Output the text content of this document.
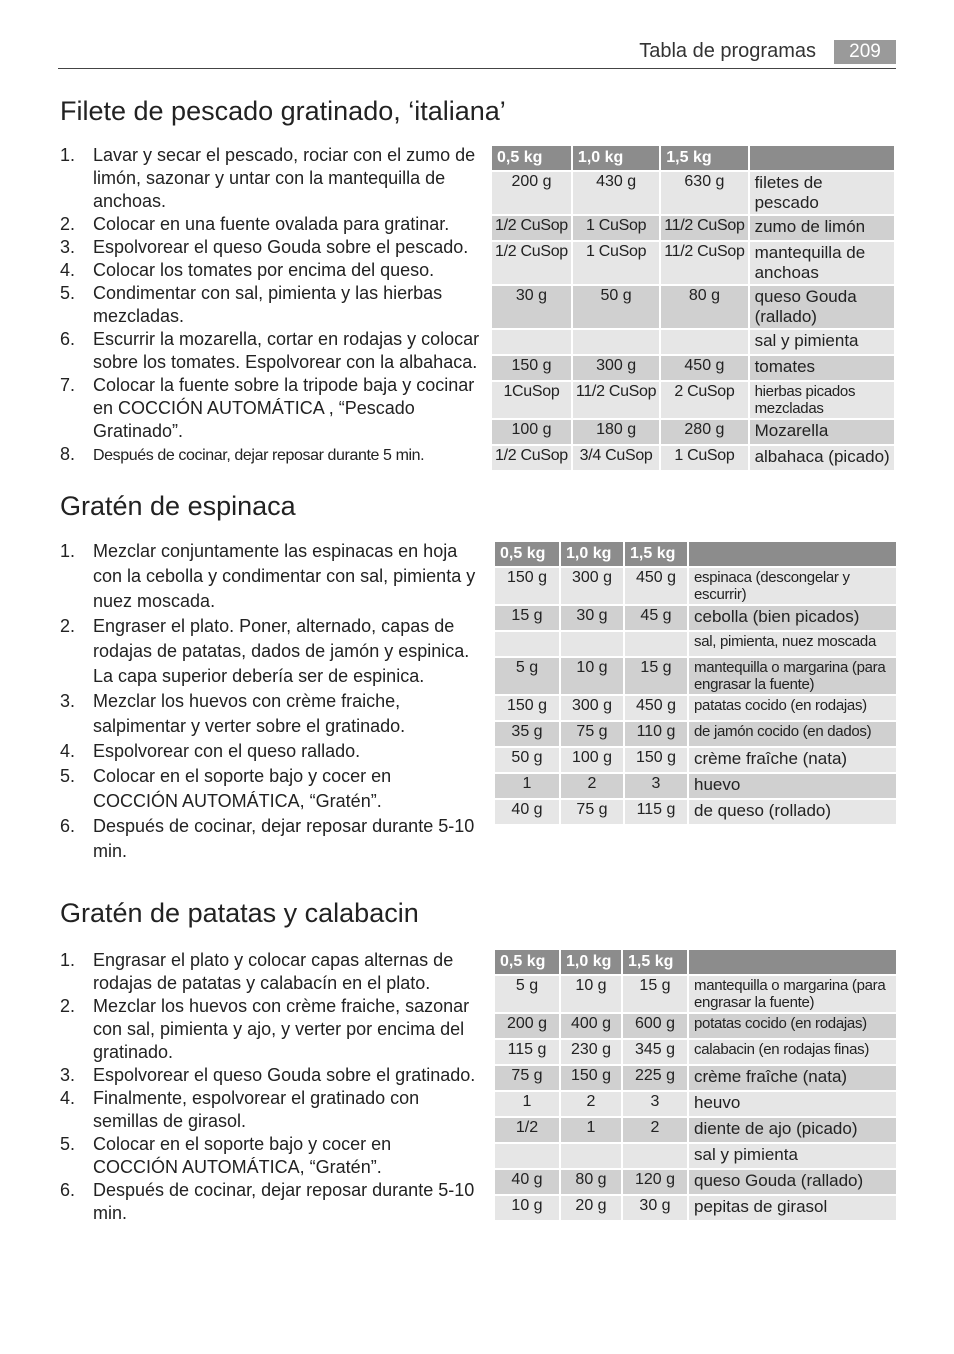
Tabla de programas	209
Filete de pescado gratinado, ‘italiana’
1. Lavar y secar el pescado, rociar con el zumo de limón, sazonar y untar con la mantequilla de anchoas.
2. Colocar en una fuente ovalada para gratinar.
3. Espolvorear el queso Gouda sobre el pescado.
4. Colocar los tomates por encima del queso.
5. Condimentar con sal, pimienta y las hierbas mezcladas.
6. Escurrir la mozarella, cortar en rodajas y colocar sobre los tomates. Espolvorear con la albahaca.
7. Colocar la fuente sobre la tripode baja y cocinar en COCCIÓN AUTOMÁTICA , “Pescado Gratinado”.
8. Después de cocinar, dejar reposar durante 5 min.
0,5 kg	1,0 kg	1,5 kg	
200 g	430 g	630 g	filetes de pescado
1/2 CuSop	1 CuSop	11/2 CuSop	zumo de limón
1/2 CuSop	1 CuSop	11/2 CuSop	mantequilla de anchoas
30 g	50 g	80 g	queso Gouda (rallado)
			sal y pimienta
150 g	300 g	450 g	tomates
1CuSop	11/2 CuSop	2 CuSop	hierbas picados mezcladas
100 g	180 g	280 g	Mozarella
1/2 CuSop	3/4 CuSop	1 CuSop	albahaca (picado)
Gratén de espinaca
1. Mezclar conjuntamente las espinacas en hoja con la cebolla y condimentar con sal, pimienta y nuez moscada.
2. Engraser el plato. Poner, alternado, capas de rodajas de patatas, dados de jamón y espinica. La capa superior debería ser de espinica.
3. Mezclar los huevos con crème fraiche, salpimentar y verter sobre el gratinado.
4. Espolvorear con el queso rallado.
5. Colocar en el soporte bajo y cocer en COCCIÓN AUTOMÁTICA, “Gratén”.
6. Después de cocinar, dejar reposar durante 5-10 min.
0,5 kg	1,0 kg	1,5 kg	
150 g	300 g	450 g	espinaca (descongelar y escurrir)
15 g	30 g	45 g	cebolla (bien picados)
			sal, pimienta, nuez moscada
5 g	10 g	15 g	mantequilla o margarina (para engrasar la fuente)
150 g	300 g	450 g	patatas cocido (en rodajas)
35 g	75 g	110 g	de jamón cocido (en dados)
50 g	100 g	150 g	crème fraîche (nata)
1	2	3	huevo
40 g	75 g	115 g	de queso (rollado)
Gratén de patatas y calabacin
1. Engrasar el plato y colocar capas alternas de rodajas de patatas y calabacín en el plato.
2. Mezclar los huevos con crème fraiche, sazonar con sal, pimienta y ajo, y verter por encima del gratinado.
3. Espolvorear el queso Gouda sobre el gratinado.
4. Finalmente, espolvorear el gratinado con semillas de girasol.
5. Colocar en el soporte bajo y cocer en COCCIÓN AUTOMÁTICA, “Gratén”.
6. Después de cocinar, dejar reposar durante 5-10 min.
0,5 kg	1,0 kg	1,5 kg	
5 g	10 g	15 g	mantequilla o margarina (para engrasar la fuente)
200 g	400 g	600 g	potatas cocido (en rodajas)
115 g	230 g	345 g	calabacin (en rodajas finas)
75 g	150 g	225 g	crème fraîche (nata)
1	2	3	heuvo
1/2	1	2	diente de ajo (picado)
			sal y pimienta
40 g	80 g	120 g	queso Gouda (rallado)
10 g	20 g	30 g	pepitas de girasol
